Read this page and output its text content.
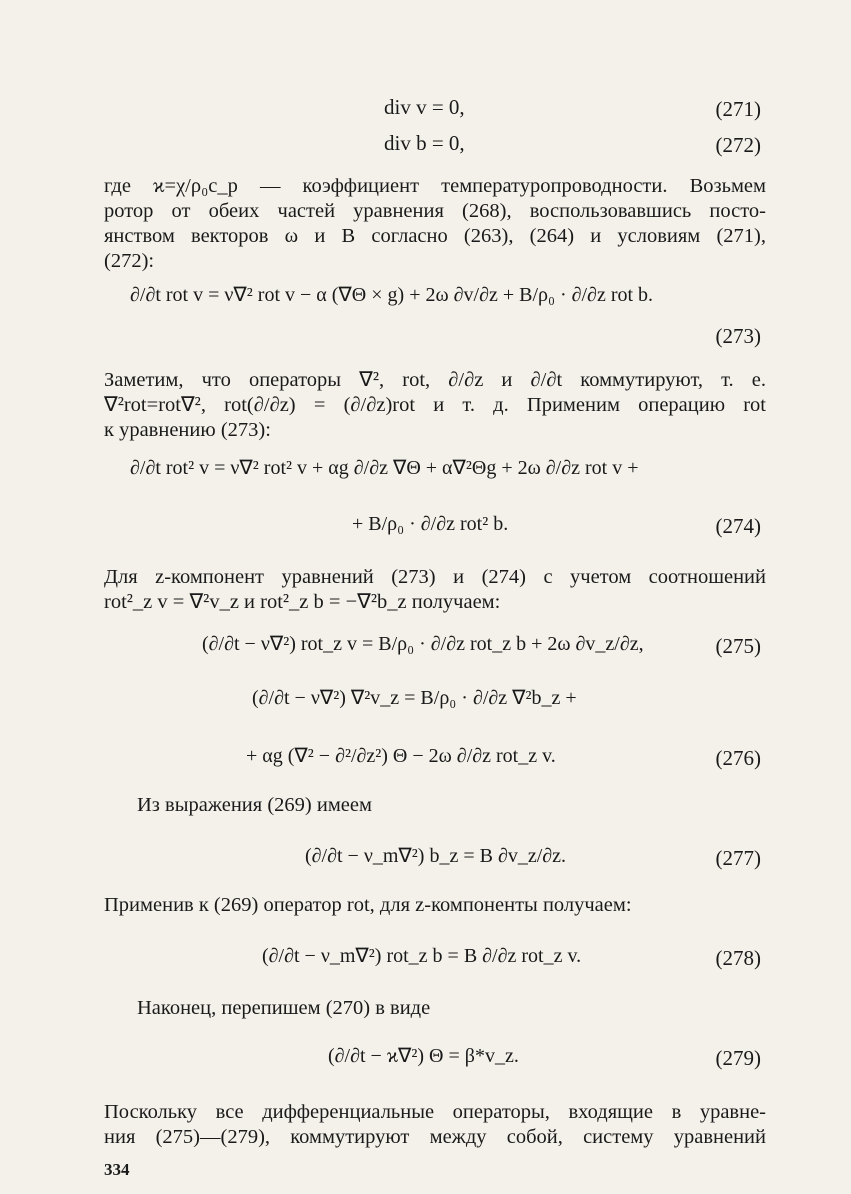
div v = 0,	(271)
div b = 0,	(272)
где ϰ=χ/ρ₀c_p — коэффициент температуропроводности. Возьмем
ротор от обеих частей уравнения (268), воспользовавшись посто-
янством векторов ω и B согласно (263), (264) и условиям (271),
(272):
∂/∂t rot v = ν∇² rot v − α (∇Θ × g) + 2ω ∂v/∂z + B/ρ₀ · ∂/∂z rot b.
(273)
Заметим, что операторы ∇², rot, ∂/∂z и ∂/∂t коммутируют, т. е.
∇²rot=rot∇², rot(∂/∂z) = (∂/∂z)rot и т. д. Применим операцию rot
к уравнению (273):
∂/∂t rot² v = ν∇² rot² v + αg ∂/∂z ∇Θ + α∇²Θg + 2ω ∂/∂z rot v +
+ B/ρ₀ · ∂/∂z rot² b.	(274)
Для z-компонент уравнений (273) и (274) с учетом соотношений
rot²_z v = ∇²v_z и rot²_z b = −∇²b_z получаем:
(∂/∂t − ν∇²) rot_z v = B/ρ₀ · ∂/∂z rot_z b + 2ω ∂v_z/∂z,	(275)
(∂/∂t − ν∇²) ∇²v_z = B/ρ₀ · ∂/∂z ∇²b_z +
+ αg (∇² − ∂²/∂z²) Θ − 2ω ∂/∂z rot_z v.	(276)
Из выражения (269) имеем
(∂/∂t − ν_m∇²) b_z = B ∂v_z/∂z.	(277)
Применив к (269) оператор rot, для z-компоненты получаем:
(∂/∂t − ν_m∇²) rot_z b = B ∂/∂z rot_z v.	(278)
Наконец, перепишем (270) в виде
(∂/∂t − ϰ∇²) Θ = β*v_z.	(279)
Поскольку все дифференциальные операторы, входящие в уравне-
ния (275)—(279), коммутируют между собой, систему уравнений
334
